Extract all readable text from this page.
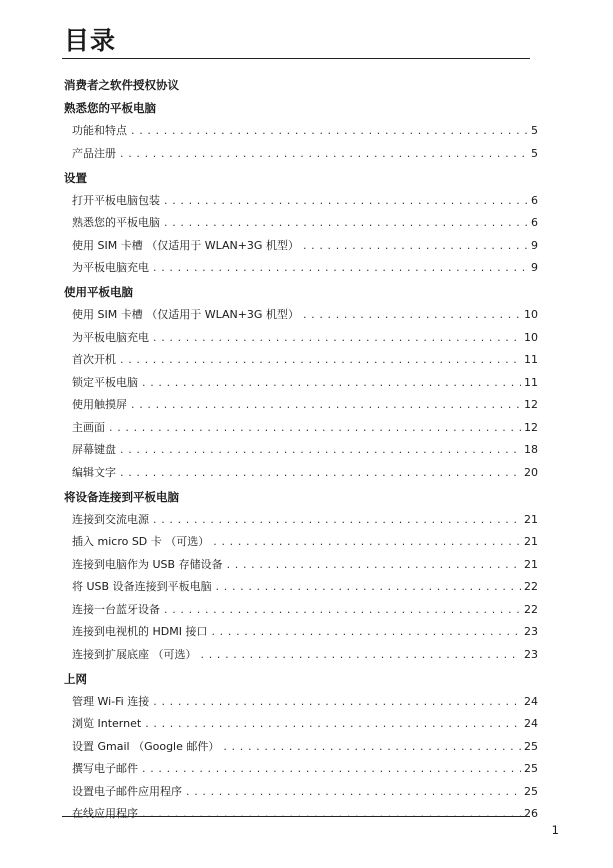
目录
消费者之软件授权协议
熟悉您的平板电脑
功能和特点 . . .	5
产品注册 . . .	5
设置
打开平板电脑包装 . . .	6
熟悉您的平板电脑 . . .	6
使用 SIM 卡槽 （仅适用于 WLAN+3G 机型） . . .	9
为平板电脑充电 . . .	9
使用平板电脑
使用 SIM 卡槽 （仅适用于 WLAN+3G 机型） . . .	10
为平板电脑充电 . . .	10
首次开机 . . .	11
锁定平板电脑 . . .	11
使用触摸屏 . . .	12
主画面 . . .	12
屏幕键盘 . . .	18
编辑文字 . . .	20
将设备连接到平板电脑
连接到交流电源 . . .	21
插入 micro SD 卡 （可选） . . .	21
连接到电脑作为 USB 存储设备 . . .	21
将 USB 设备连接到平板电脑 . . .	22
连接一台蓝牙设备 . . .	22
连接到电视机的 HDMI 接口 . . .	23
连接到扩展底座 （可选） . . .	23
上网
管理 Wi-Fi 连接 . . .	24
浏览 Internet . . .	24
设置 Gmail （Google 邮件） . . .	25
撰写电子邮件 . . .	25
设置电子邮件应用程序 . . .	25
在线应用程序 . . .	26
1
